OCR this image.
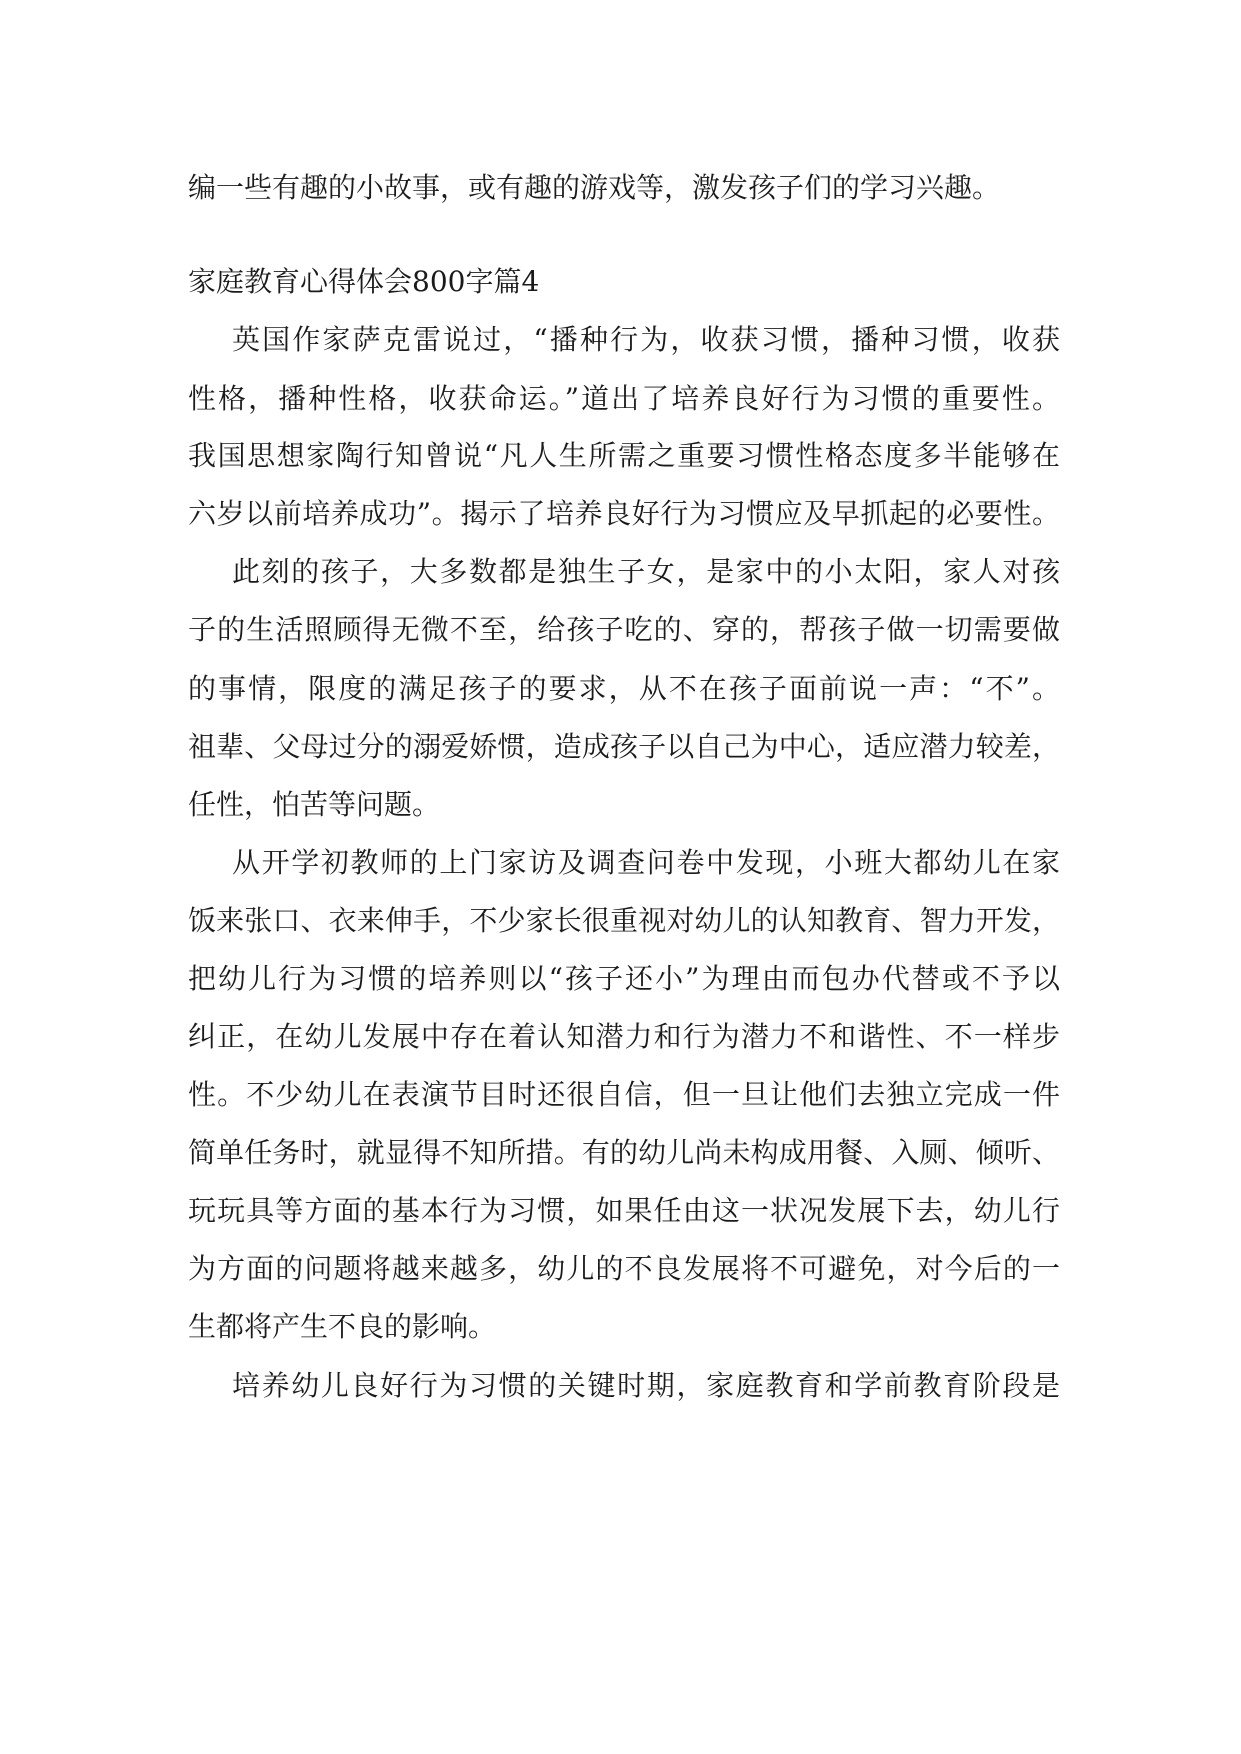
编一些有趣的小故事，或有趣的游戏等，激发孩子们的学习兴趣。
家庭教育心得体会800字篇4
英国作家萨克雷说过，“播种行为，收获习惯，播种习惯，收获
性格，播种性格，收获命运。”道出了培养良好行为习惯的重要性。
我国思想家陶行知曾说“凡人生所需之重要习惯性格态度多半能够在
六岁以前培养成功”。揭示了培养良好行为习惯应及早抓起的必要性。
此刻的孩子，大多数都是独生子女，是家中的小太阳，家人对孩
子的生活照顾得无微不至，给孩子吃的、穿的，帮孩子做一切需要做
的事情，限度的满足孩子的要求，从不在孩子面前说一声：“不”。
祖辈、父母过分的溺爱娇惯，造成孩子以自己为中心，适应潜力较差，
任性，怕苦等问题。
从开学初教师的上门家访及调查问卷中发现，小班大都幼儿在家
饭来张口、衣来伸手，不少家长很重视对幼儿的认知教育、智力开发，
把幼儿行为习惯的培养则以“孩子还小”为理由而包办代替或不予以
纠正，在幼儿发展中存在着认知潜力和行为潜力不和谐性、不一样步
性。不少幼儿在表演节目时还很自信，但一旦让他们去独立完成一件
简单任务时，就显得不知所措。有的幼儿尚未构成用餐、入厕、倾听、
玩玩具等方面的基本行为习惯，如果任由这一状况发展下去，幼儿行
为方面的问题将越来越多，幼儿的不良发展将不可避免，对今后的一
生都将产生不良的影响。
培养幼儿良好行为习惯的关键时期，家庭教育和学前教育阶段是
